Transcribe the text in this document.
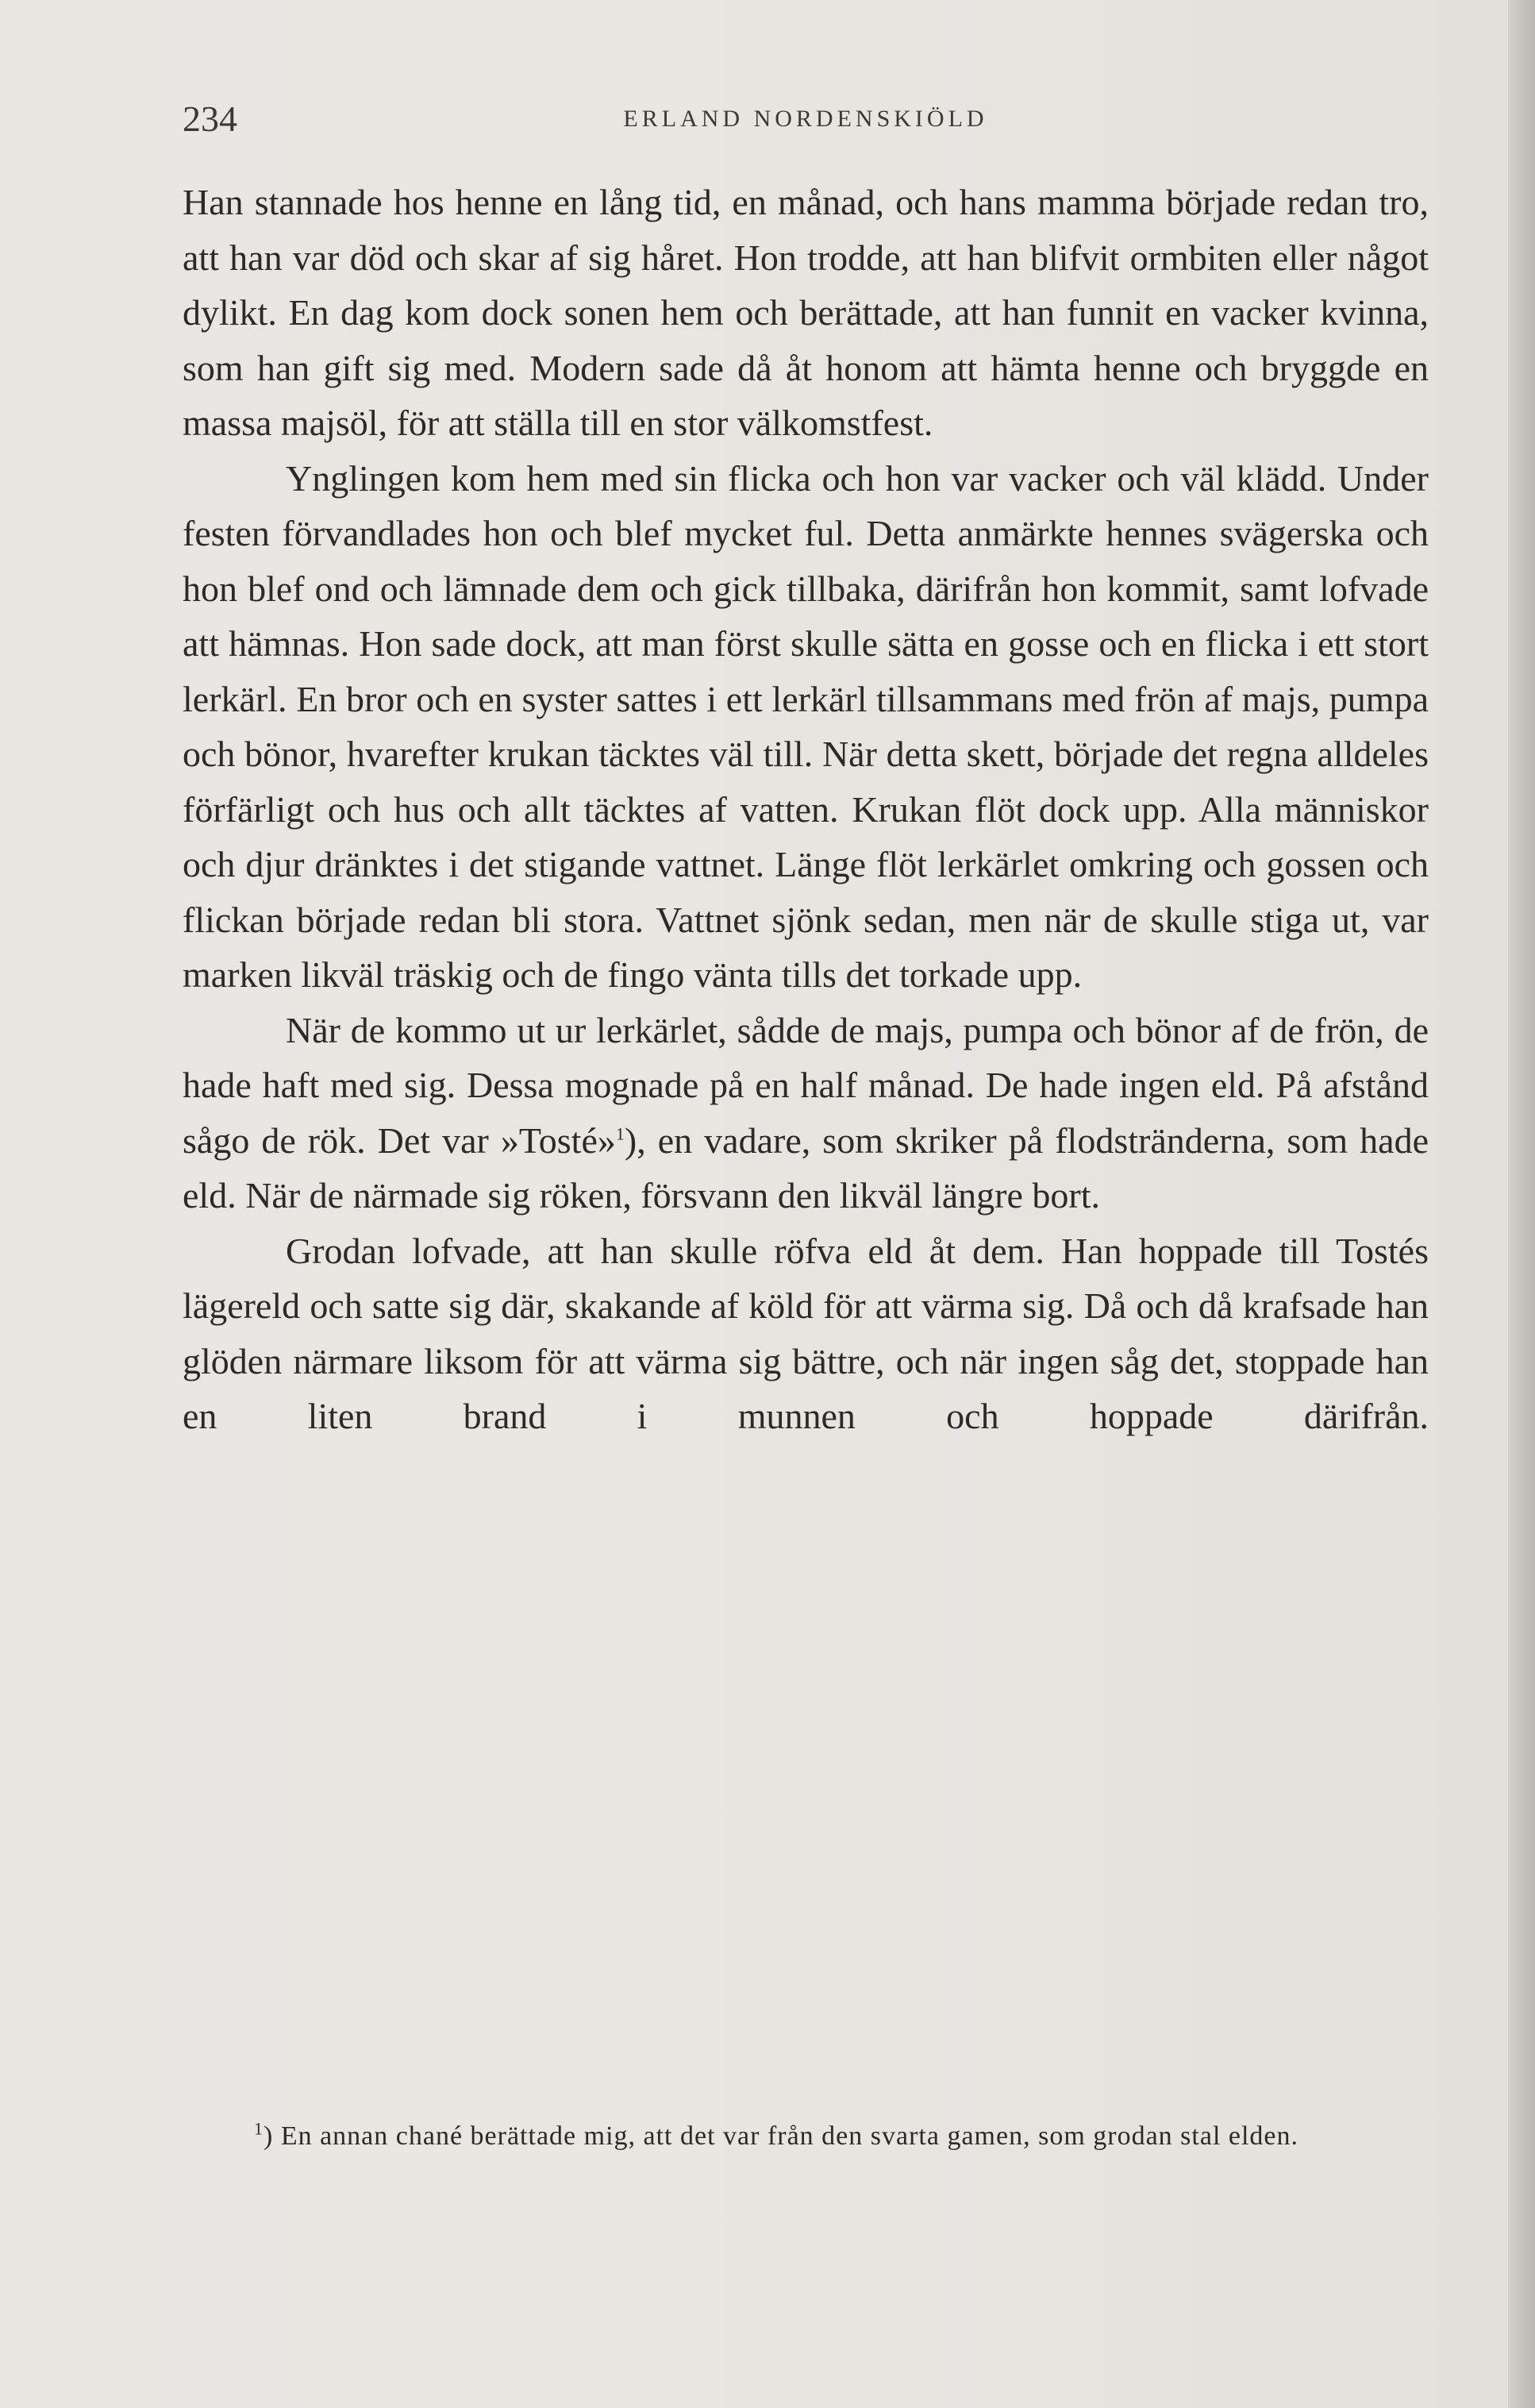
234	ERLAND NORDENSKIÖLD

Han stannade hos henne en lång tid, en månad, och hans mamma började redan tro, att han var död och skar af sig håret. Hon trodde, att han blifvit ormbiten eller något dylikt. En dag kom dock sonen hem och berättade, att han funnit en vacker kvinna, som han gift sig med. Modern sade då åt honom att hämta henne och bryggde en massa majsöl, för att ställa till en stor välkomstfest.

Ynglingen kom hem med sin flicka och hon var vacker och väl klädd. Under festen förvandlades hon och blef mycket ful. Detta anmärkte hennes svägerska och hon blef ond och lämnade dem och gick tillbaka, därifrån hon kommit, samt lofvade att hämnas. Hon sade dock, att man först skulle sätta en gosse och en flicka i ett stort lerkärl. En bror och en syster sattes i ett lerkärl tillsammans med frön af majs, pumpa och bönor, hvarefter krukan täcktes väl till. När detta skett, började det regna alldeles förfärligt och hus och allt täcktes af vatten. Krukan flöt dock upp. Alla människor och djur dränktes i det stigande vattnet. Länge flöt lerkärlet omkring och gossen och flickan började redan bli stora. Vattnet sjönk sedan, men när de skulle stiga ut, var marken likväl träskig och de fingo vänta tills det torkade upp.

När de kommo ut ur lerkärlet, sådde de majs, pumpa och bönor af de frön, de hade haft med sig. Dessa mognade på en half månad. De hade ingen eld. På afstånd sågo de rök. Det var »Tosté»$^1$), en vadare, som skriker på flodstränderna, som hade eld. När de närmade sig röken, försvann den likväl längre bort.

Grodan lofvade, att han skulle röfva eld åt dem. Han hoppade till Tostés lägereld och satte sig där, skakande af köld för att värma sig. Då och då krafsade han glöden närmare liksom för att värma sig bättre, och när ingen såg det, stoppade han en liten brand i munnen och hoppade därifrån.

$^1$) En annan chané berättade mig, att det var från den svarta gamen, som grodan stal elden.
